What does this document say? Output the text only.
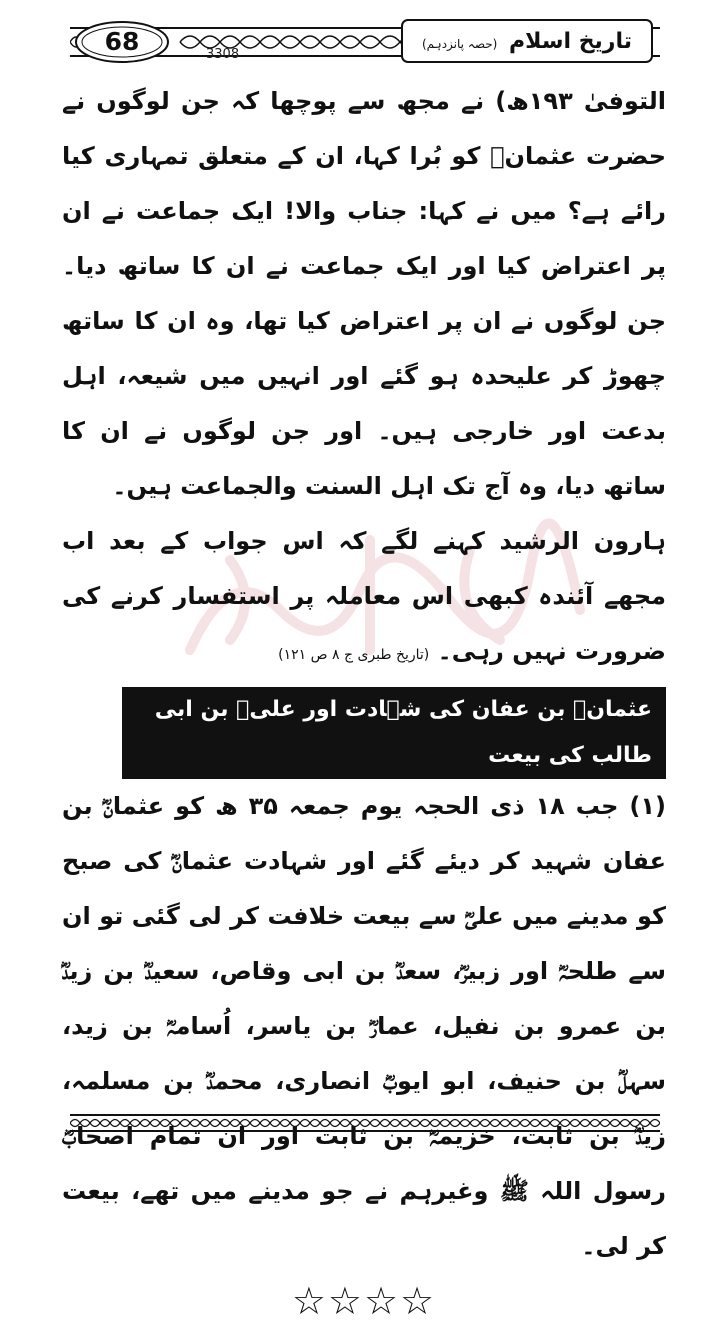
68	تاریخ اسلام (حصہ پانزدہم)
3308

التوفیٰ ۱۹۳ھ) نے مجھ سے پوچھا کہ جن لوگوں نے حضرت عثمانؓ کو بُرا کہا، ان کے متعلق تمہاری کیا رائے ہے؟ میں نے کہا: جناب والا! ایک جماعت نے ان پر اعتراض کیا اور ایک جماعت نے ان کا ساتھ دیا۔ جن لوگوں نے ان پر اعتراض کیا تھا، وہ ان کا ساتھ چھوڑ کر علیحدہ ہو گئے اور انہیں میں شیعہ، اہل بدعت اور خارجی ہیں۔ اور جن لوگوں نے ان کا ساتھ دیا، وہ آج تک اہل السنت والجماعت ہیں۔

ہارون الرشید کہنے لگے کہ اس جواب کے بعد اب مجھے آئندہ کبھی اس معاملہ پر استفسار کرنے کی ضرورت نہیں رہی۔ (تاریخ طبری ج ۸ ص ۱۲۱)

عثمانؓ بن عفان کی شہادت اور علیؓ بن ابی طالب کی بیعت

(۱) جب ۱۸ ذی الحجہ یوم جمعہ ۳۵ ھ کو عثمانؓ بن عفان شہید کر دیئے گئے اور شہادت عثمانؓ کی صبح کو مدینے میں علیؓ سے بیعت خلافت کر لی گئی تو ان سے طلحہؓ اور زبیرؓ، سعدؓ بن ابی وقاص، سعیدؓ بن زیدؓ بن عمرو بن نفیل، عمارؓ بن یاسر، اُسامہؓ بن زید، سہلؓ بن حنیف، ابو ایوبؓ انصاری، محمدؓ بن مسلمہ، زیدؓ بن ثابت، خزیمہؓ بن ثابت اور ان تمام اصحابؓ رسول اللہ ﷺ وغیرہم نے جو مدینے میں تھے، بیعت کر لی۔

☆☆☆☆
